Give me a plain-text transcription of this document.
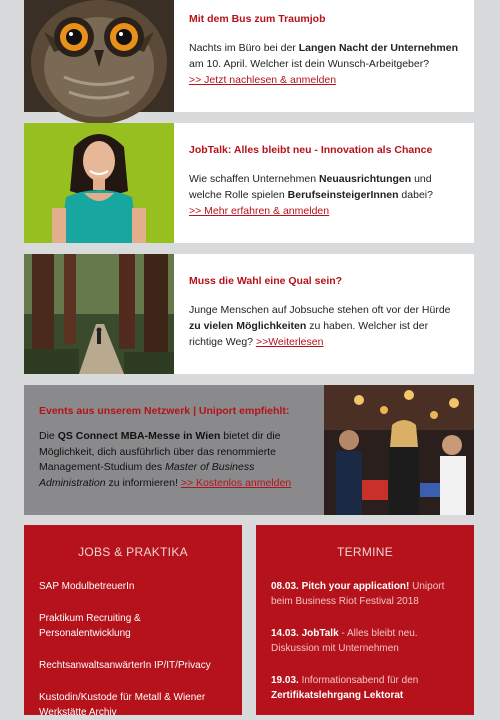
Mit dem Bus zum Traumjob

Nachts im Büro bei der Langen Nacht der Unternehmen am 10. April. Welcher ist dein Wunsch-Arbeitgeber?
>> Jetzt nachlesen & anmelden

JobTalk: Alles bleibt neu - Innovation als Chance

Wie schaffen Unternehmen Neuausrichtungen und welche Rolle spielen BerufseinsteigerInnen dabei?
>> Mehr erfahren & anmelden

Muss die Wahl eine Qual sein?

Junge Menschen auf Jobsuche stehen oft vor der Hürde zu vielen Möglichkeiten zu haben. Welcher ist der richtige Weg? >>Weiterlesen

Events aus unserem Netzwerk | Uniport empfiehlt:

Die QS Connect MBA-Messe in Wien bietet dir die Möglichkeit, dich ausführlich über das renommierte Management-Studium des Master of Business Administration zu informieren! >> Kostenlos anmelden

JOBS & PRAKTIKA
SAP ModulbetreuerIn
Praktikum Recruiting & Personalentwicklung
RechtsanwaltsanwärterIn IP/IT/Privacy
Kustodin/Kustode für Metall & Wiener Werkstätte Archiv
TERMINE
08.03. Pitch your application! Uniport beim Business Riot Festival 2018
14.03. JobTalk - Alles bleibt neu. Diskussion mit Unternehmen
19.03. Informationsabend für den Zertifikatslehrgang Lektorat
